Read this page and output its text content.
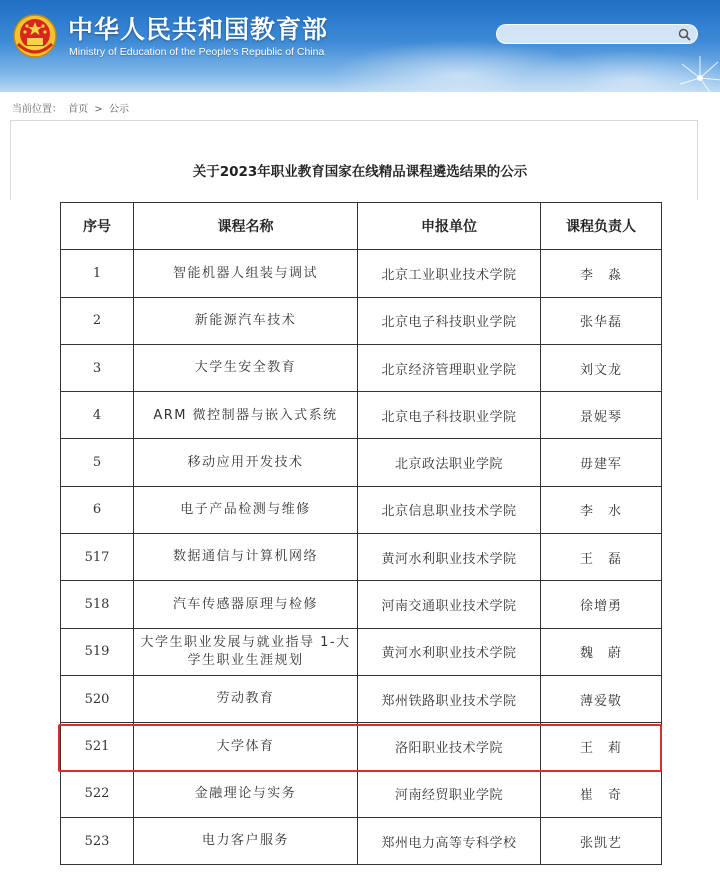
中华人民共和国教育部
Ministry of Education of the People's Republic of China
当前位置： 首页 > 公示
关于2023年职业教育国家在线精品课程遴选结果的公示
序号	课程名称	申报单位	课程负责人
1	智能机器人组装与调试	北京工业职业技术学院	李　淼
2	新能源汽车技术	北京电子科技职业学院	张华磊
3	大学生安全教育	北京经济管理职业学院	刘文龙
4	ARM 微控制器与嵌入式系统	北京电子科技职业学院	景妮琴
5	移动应用开发技术	北京政法职业学院	毋建军
6	电子产品检测与维修	北京信息职业技术学院	李　水
517	数据通信与计算机网络	黄河水利职业技术学院	王　磊
518	汽车传感器原理与检修	河南交通职业技术学院	徐增勇
519	大学生职业发展与就业指导 1-大学生职业生涯规划	黄河水利职业技术学院	魏　蔚
520	劳动教育	郑州铁路职业技术学院	薄爱敬
521	大学体育	洛阳职业技术学院	王　莉
522	金融理论与实务	河南经贸职业学院	崔　奇
523	电力客户服务	郑州电力高等专科学校	张凯艺
